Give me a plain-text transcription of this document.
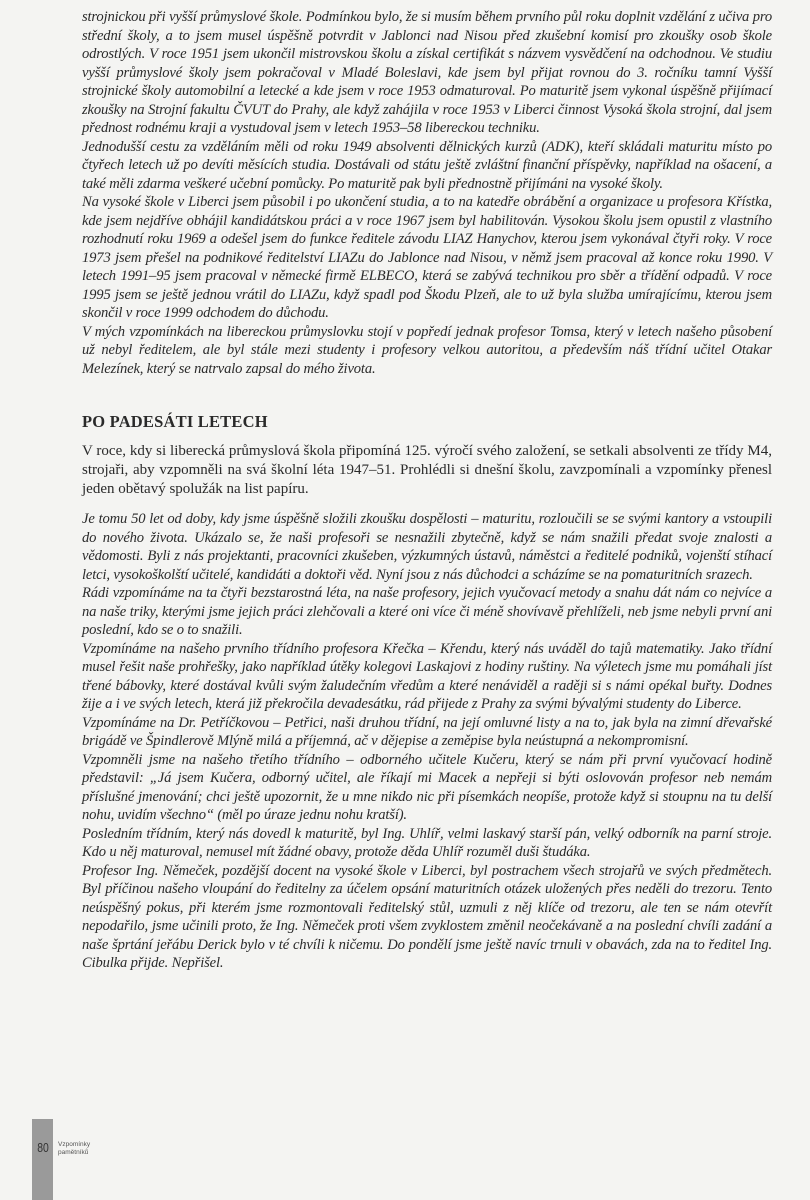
strojnickou při vyšší průmyslové škole. Podmínkou bylo, že si musím během prvního půl roku doplnit vzdělání z učiva pro střední školy, a to jsem musel úspěšně potvrdit v Jablonci nad Nisou před zkušební komisí pro zkoušky osob škole odrostlých. V roce 1951 jsem ukončil mistrovskou školu a získal certifikát s názvem vysvědčení na odchodnou. Ve studiu vyšší průmyslové školy jsem pokračoval v Mladé Boleslavi, kde jsem byl přijat rovnou do 3. ročníku tamní Vyšší strojnické školy automobilní a letecké a kde jsem v roce 1953 odmaturoval. Po maturitě jsem vykonal úspěšně přijímací zkoušky na Strojní fakultu ČVUT do Prahy, ale když zahájila v roce 1953 v Liberci činnost Vysoká škola strojní, dal jsem přednost rodnému kraji a vystudoval jsem v letech 1953–58 libereckou techniku.

Jednodušší cestu za vzděláním měli od roku 1949 absolventi dělnických kurzů (ADK), kteří skládali maturitu místo po čtyřech letech už po devíti měsících studia. Dostávali od státu ještě zvláštní finanční příspěvky, například na ošacení, a také měli zdarma veškeré učební pomůcky. Po maturitě pak byli přednostně přijímáni na vysoké školy.

Na vysoké škole v Liberci jsem působil i po ukončení studia, a to na katedře obrábění a organizace u profesora Křístka, kde jsem nejdříve obhájil kandidátskou práci a v roce 1967 jsem byl habilitován. Vysokou školu jsem opustil z vlastního rozhodnutí roku 1969 a odešel jsem do funkce ředitele závodu LIAZ Hanychov, kterou jsem vykonával čtyři roky. V roce 1973 jsem přešel na podnikové ředitelství LIAZu do Jablonce nad Nisou, v němž jsem pracoval až konce roku 1990. V letech 1991–95 jsem pracoval v německé firmě ELBECO, která se zabývá technikou pro sběr a třídění odpadů. V roce 1995 jsem se ještě jednou vrátil do LIAZu, když spadl pod Škodu Plzeň, ale to už byla služba umírajícímu, kterou jsem skončil v roce 1999 odchodem do důchodu.

V mých vzpomínkách na libereckou průmyslovku stojí v popředí jednak profesor Tomsa, který v letech našeho působení už nebyl ředitelem, ale byl stále mezi studenty i profesory velkou autoritou, a především náš třídní učitel Otakar Melezínek, který se natrvalo zapsal do mého života.

PO PADESÁTI LETECH

V roce, kdy si liberecká průmyslová škola připomíná 125. výročí svého založení, se setkali absolventi ze třídy M4, strojaři, aby vzpomněli na svá školní léta 1947–51. Prohlédli si dnešní školu, zavzpomínali a vzpomínky přenesl jeden obětavý spolužák na list papíru.

Je tomu 50 let od doby, kdy jsme úspěšně složili zkoušku dospělosti – maturitu, rozloučili se se svými kantory a vstoupili do nového života. Ukázalo se, že naši profesoři se nesnažili zbytečně, když se nám snažili předat svoje znalosti a vědomosti. Byli z nás projektanti, pracovníci zkušeben, výzkumných ústavů, náměstci a ředitelé podniků, vojenští stíhací letci, vysokoškolští učitelé, kandidáti a doktoři věd. Nyní jsou z nás důchodci a scházíme se na pomaturitních srazech.

Rádi vzpomínáme na ta čtyři bezstarostná léta, na naše profesory, jejich vyučovací metody a snahu dát nám co nejvíce a na naše triky, kterými jsme jejich práci zlehčovali a které oni více či méně shovívavě přehlíželi, neb jsme nebyli první ani poslední, kdo se o to snažili.

Vzpomínáme na našeho prvního třídního profesora Křečka – Křendu, který nás uváděl do tajů matematiky. Jako třídní musel řešit naše prohřešky, jako například útěky kolegovi Laskajovi z hodiny ruštiny. Na výletech jsme mu pomáhali jíst třené bábovky, které dostával kvůli svým žaludečním vředům a které nenáviděl a raději si s námi opékal buřty. Dodnes žije a i ve svých letech, která již překročila devadesátku, rád přijede z Prahy za svými bývalými studenty do Liberce.

Vzpomínáme na Dr. Petříčkovou – Petřici, naši druhou třídní, na její omluvné listy a na to, jak byla na zimní dřevařské brigádě ve Špindlerově Mlýně milá a příjemná, ač v dějepise a zeměpise byla neústupná a nekompromisní.

Vzpomněli jsme na našeho třetího třídního – odborného učitele Kučeru, který se nám při první vyučovací hodině představil: „Já jsem Kučera, odborný učitel, ale říkají mi Macek a nepřeji si býti oslovován profesor neb nemám příslušné jmenování; chci ještě upozornit, že u mne nikdo nic při písemkách neopíše, protože když si stoupnu na tu delší nohu, uvidím všechno“ (měl po úraze jednu nohu kratší).

Posledním třídním, který nás dovedl k maturitě, byl Ing. Uhlíř, velmi laskavý starší pán, velký odborník na parní stroje. Kdo u něj maturoval, nemusel mít žádné obavy, protože děda Uhlíř rozuměl duši študáka.

Profesor Ing. Němeček, pozdější docent na vysoké škole v Liberci, byl postrachem všech strojařů ve svých předmětech. Byl příčinou našeho vloupání do ředitelny za účelem opsání maturitních otázek uložených přes neděli do trezoru. Tento neúspěšný pokus, při kterém jsme rozmontovali ředitelský stůl, uzmuli z něj klíče od trezoru, ale ten se nám otevřít nepodařilo, jsme učinili proto, že Ing. Němeček proti všem zvyklostem změnil neočekávaně a na poslední chvíli zadání a naše šprtání jeřábu Derick bylo v té chvíli k ničemu. Do pondělí jsme ještě navíc trnuli v obavách, zda na to ředitel Ing. Cibulka přijde. Nepřišel.

80	Vzpomínky pamětníků
